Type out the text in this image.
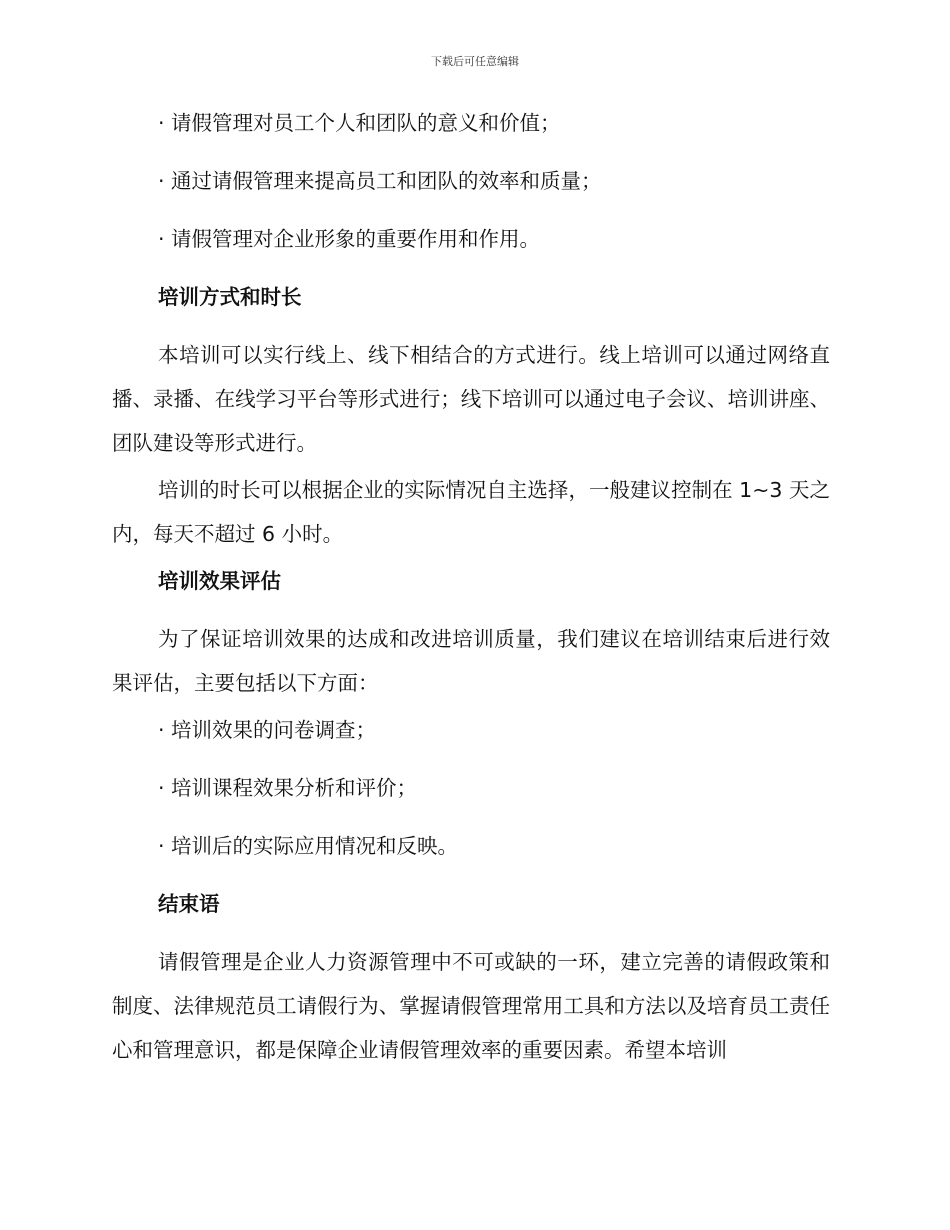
下载后可任意编辑
· 请假管理对员工个人和团队的意义和价值；
· 通过请假管理来提高员工和团队的效率和质量；
· 请假管理对企业形象的重要作用和作用。
培训方式和时长
本培训可以实行线上、线下相结合的方式进行。线上培训可以通过网络直播、录播、在线学习平台等形式进行；线下培训可以通过电子会议、培训讲座、团队建设等形式进行。
培训的时长可以根据企业的实际情况自主选择，一般建议控制在 1~3 天之内，每天不超过 6 小时。
培训效果评估
为了保证培训效果的达成和改进培训质量，我们建议在培训结束后进行效果评估，主要包括以下方面：
· 培训效果的问卷调查；
· 培训课程效果分析和评价；
· 培训后的实际应用情况和反映。
结束语
请假管理是企业人力资源管理中不可或缺的一环，建立完善的请假政策和制度、法律规范员工请假行为、掌握请假管理常用工具和方法以及培育员工责任心和管理意识，都是保障企业请假管理效率的重要因素。希望本培训
